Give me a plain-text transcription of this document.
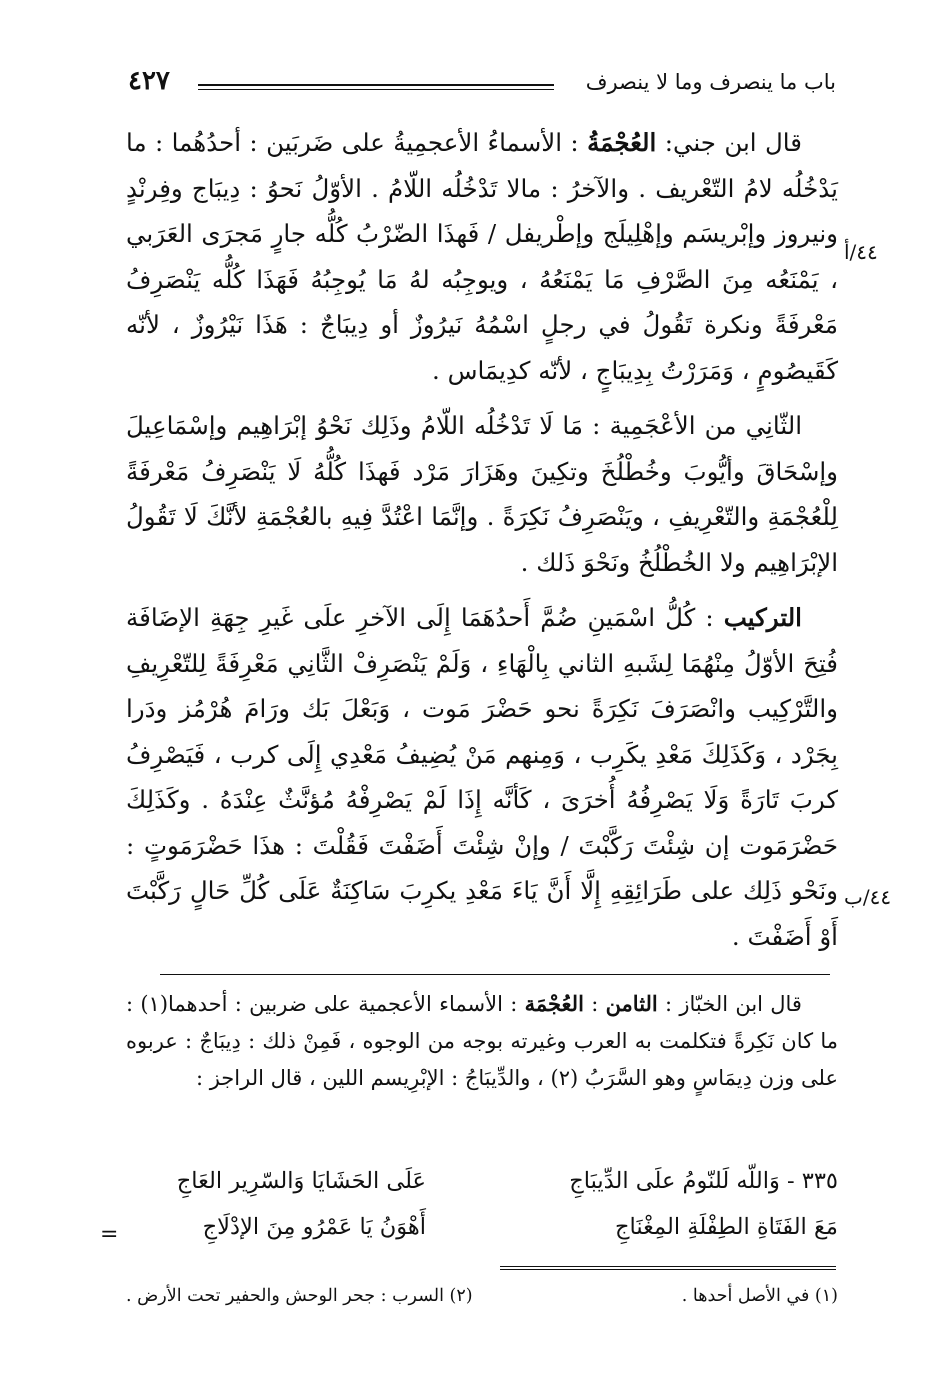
٤٢٧	باب ما ينصرف وما لا ينصرف
٤٤/أ
٤٤/ب

قال ابن جني: العُجْمَةُ : الأسماءُ الأعجمِيةُ على ضَربَين : أحدُهُما : ما يَدْخُلُه لامُ التّعْريف . والآخرُ : مالا تَدْخُلُه اللّامُ . الأوّلُ نَحوُ : دِيبَاج وفِرنْدٍ ونيروز وإبْريسَم وإهْلِيلَج وإطْريفل / فَهذَا الضّرْبُ كُلُّه جارٍ مَجرَى العَرَبي ، يَمْنَعُه مِنَ الصَّرْفِ مَا يَمْنَعُهُ ، ويوجِبُه لهُ مَا يُوجِبُهُ فَهَذَا كُلُّه يَنْصَرِفُ مَعْرفَةً ونكرة تَقُولُ في رجلٍ اسْمُهُ نَيرُوزٌ أو دِيبَاجٌ : هَذَا نَيْرُوزٌ ، لأنّه كَقَيصُومٍ ، وَمَرَرْتُ بِدِيبَاجٍ ، لأنّه كدِيمَاس .

الثّانِي من الأعْجَمِية : مَا لَا تَدْخُلُه اللّامُ وذَلِك نَحْوُ إبْرَاهِيم وإسْمَاعِيلَ وإسْحَاقَ وأيُّوبَ وخُطْلُخَ وتكِينَ وهَزَارَ مَرْد فَهذَا كُلُّهُ لَا يَنْصَرِفُ مَعْرفَةً لِلْعُجْمَةِ والتّعْرِيفِ ، ويَنْصَرِفُ نَكِرَةً . وإنَّمَا اعْتُدَّ فِيهِ بالعُجْمَةِ لأنَّكَ لَا تَقُولُ الإبْرَاهِيم ولا الخُطْلُخُ ونَحْوَ ذَلك .

التركيب : كُلُّ اسْمَينِ ضُمَّ أَحدُهَمَا إِلَى الآخرِ علَى غَيرِ جِهَةِ الإضَافَة فُتِحَ الأوّلُ مِنْهُمَا لِشَبهِ الثاني بِالْهَاءِ ، وَلَمْ يَنْصَرِفْ الثَّانِي مَعْرِفَةً لِلتّعْرِيفِ والتَّرْكِيب وانْصَرَفَ نَكِرَةً نحو حَضْرَ مَوت ، وَبَعْلَ بَك ورَامَ هُرْمُز ودَرا بِجَرْد ، وَكَذَلِكَ مَعْدِ يكَرِب ، وَمِنهم مَنْ يُضِيفُ مَعْدِي إِلَى كرب ، فَيَصْرِفُ كربَ تَارَةً وَلَا يَصْرِفُهُ أُخرَىَ ، كَأنَّه إِذَا لَمْ يَصْرِفْهُ مُؤنَّثٌ عِنْدَهُ . وكَذَلِكَ حَضْرَمَوت إن شِئْتَ رَكَّبْتَ / وإنْ شِئْتَ أَضَفْتَ فَقُلْتَ : هذَا حَضْرَمَوتٍ : ونَحْو ذَلِك على طَرَائِقِهِ إِلَّا أَنَّ يَاءَ مَعْدِ يكرِبَ سَاكِنَةٌ عَلَى كُلِّ حَالٍ رَكَّبْتَ أَوْ أَضَفْتَ .

قال ابن الخبّاز : الثامن : العُجْمَة : الأسماء الأعجمية على ضربين : أحدهما(١) : ما كان نَكِرةً فتكلمت به العرب وغيرته بوجه من الوجوه ، فَمِنْ ذلك : دِيبَاجٌ : عربوه على وزن دِيمَاسٍ وهو السَّرَبُ (٢) ، والدِّيبَاجُ : الإبْرِيسم اللين ، قال الراجز :

٣٣٥ - وَاللّه لَلنّومُ علَى الدِّيبَاجِ
عَلَى الحَشَايَا وَالسّرِير العَاجِ
مَعَ الفَتَاةِ الطِفْلَةِ المِغْنَاجِ
أَهْوَنُ يَا عَمْرُو مِنَ الإدْلَاجِ
=
(١) في الأصل أحدها .
(٢) السرب : جحر الوحش والحفير تحت الأرض .
